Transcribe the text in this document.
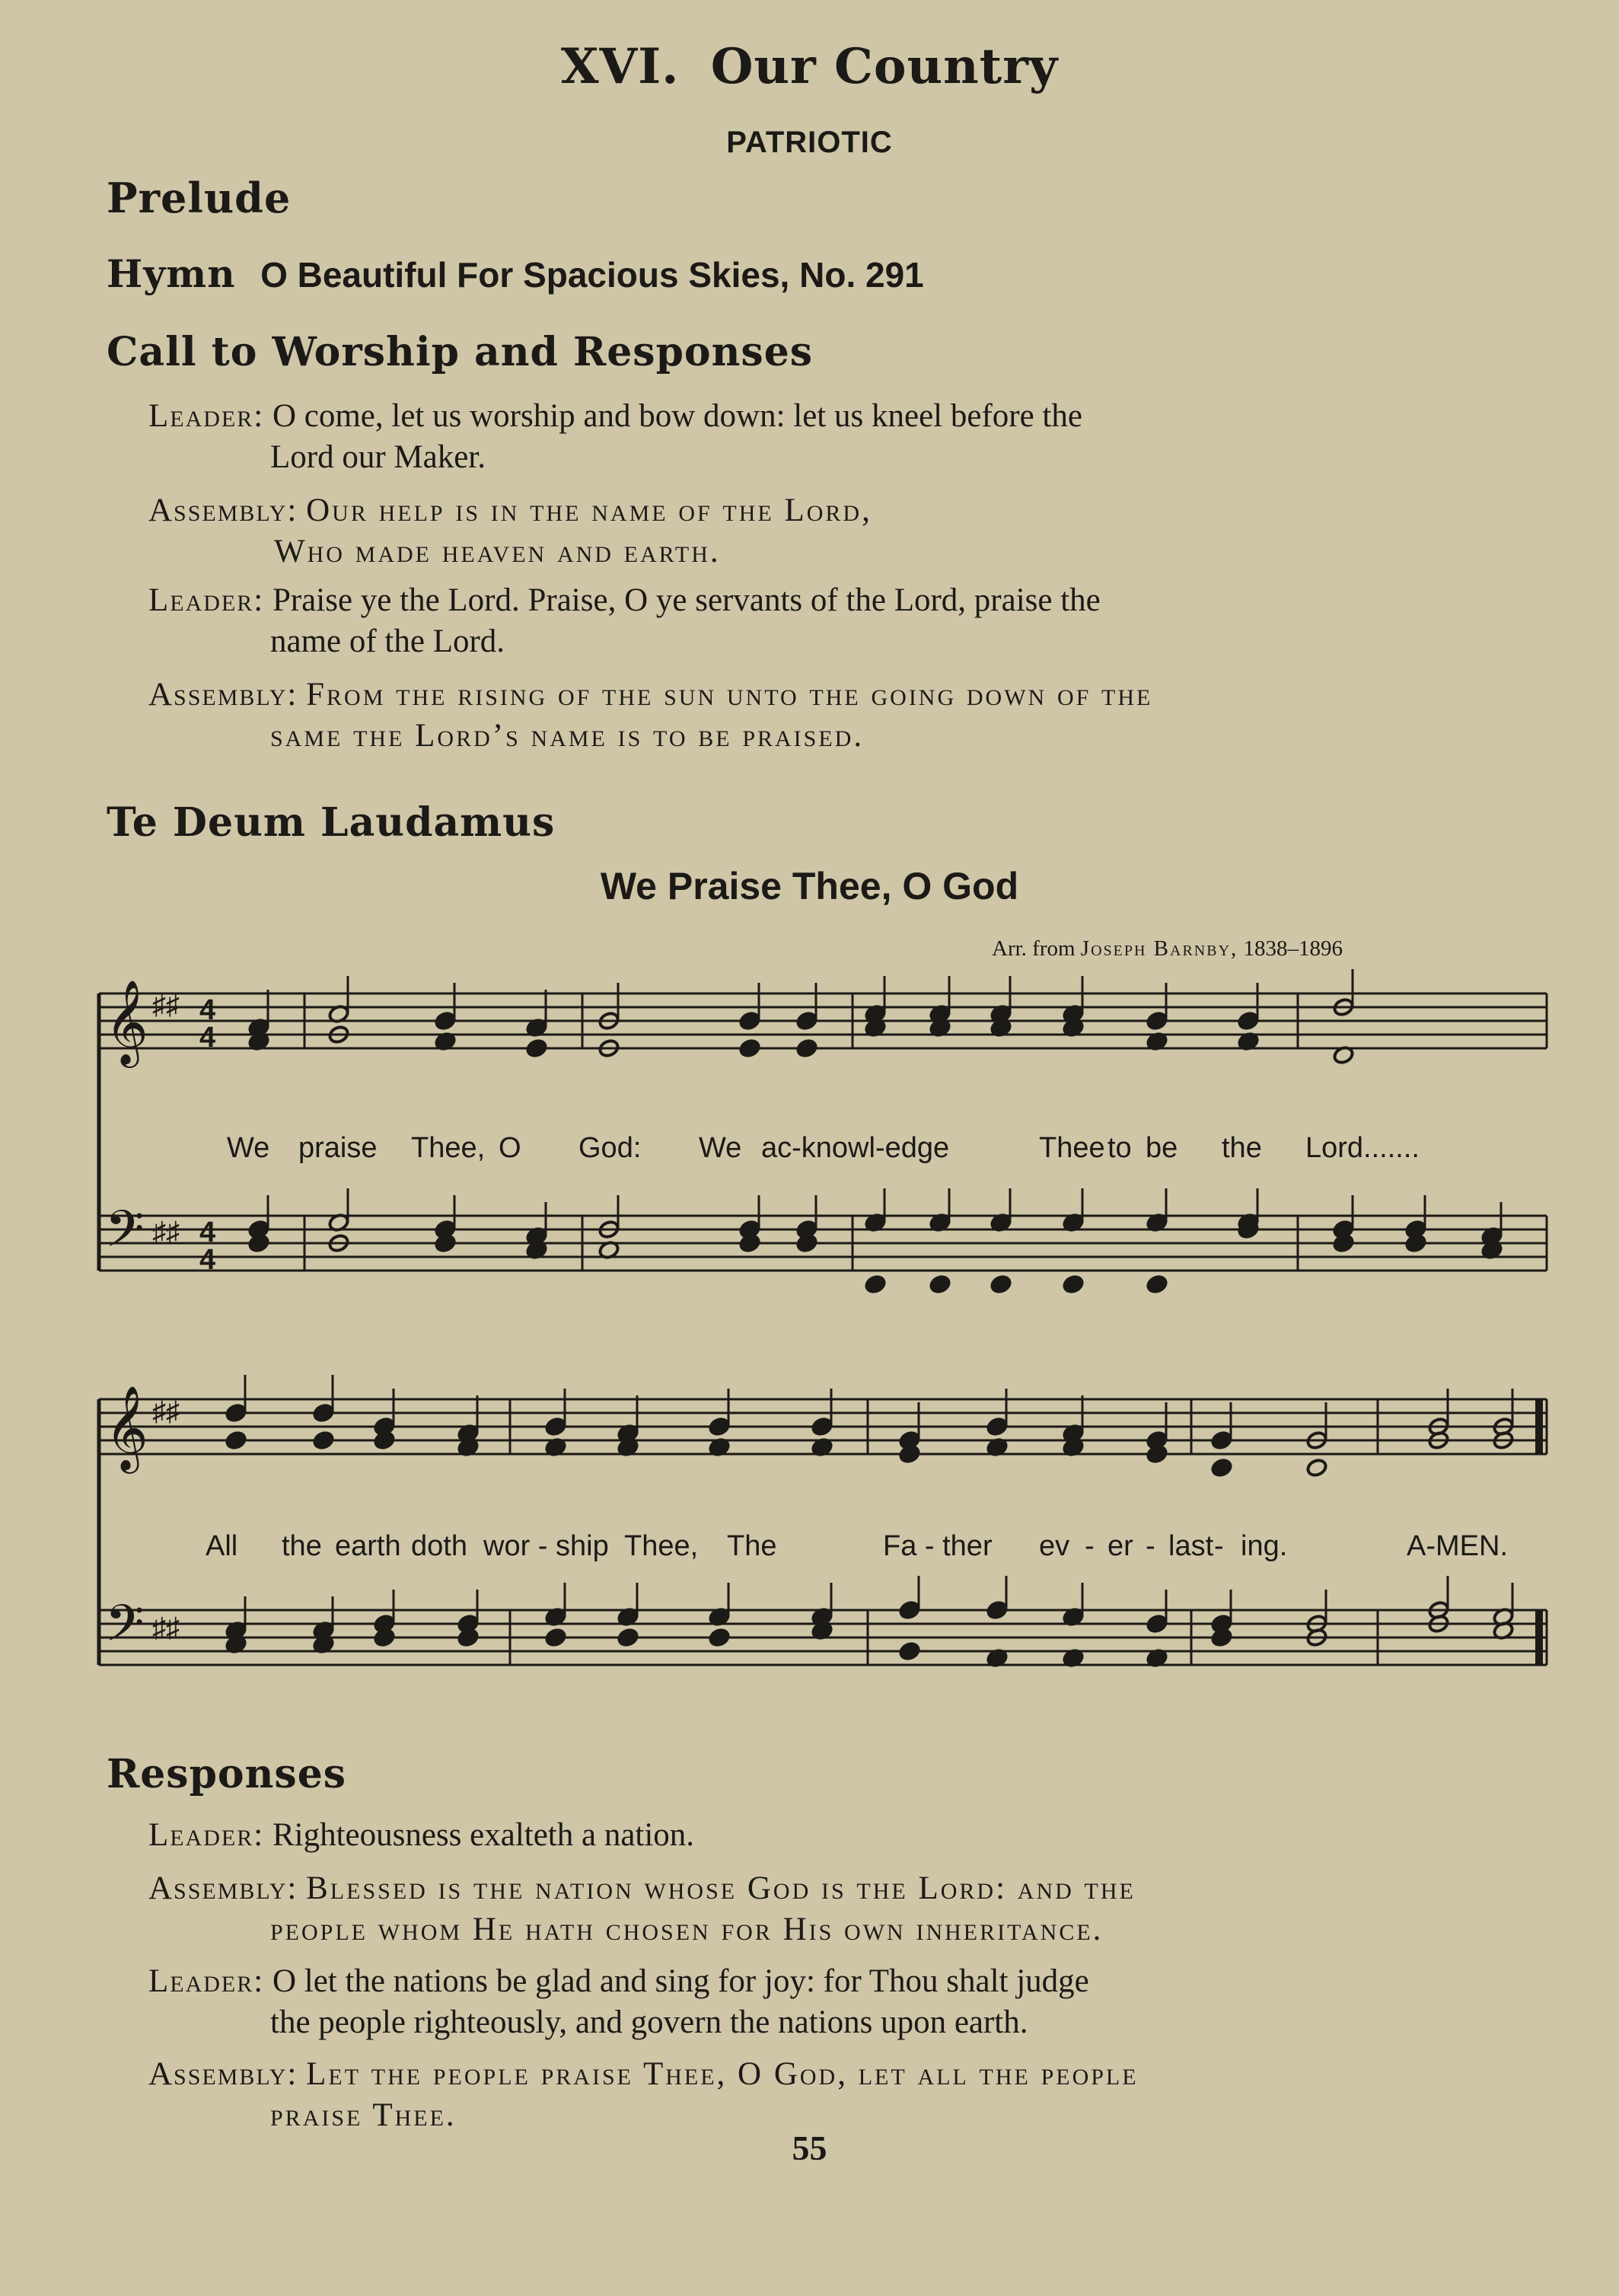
XVI. Our Country
PATRIOTIC
Prelude
Hymn O Beautiful For Spacious Skies, No. 291
Call to Worship and Responses
Leader: O come, let us worship and bow down: let us kneel before the
Lord our Maker.
Assembly: Our help is in the name of the Lord,
Who made heaven and earth.
Leader: Praise ye the Lord. Praise, O ye servants of the Lord, praise the
name of the Lord.
Assembly: From the rising of the sun unto the going down of the
same the Lord’s name is to be praised.
Te Deum Laudamus
We Praise Thee, O God
Arr. from Joseph Barnby, 1838–1896
𝄞
𝄢
𝄞
𝄢
♯♯
♯♯
♯♯
♯♯
4
4
4
4
We praise Thee, O God: We ac-knowl-edge	Thee to be the Lord.......
All the earth doth wor - ship Thee, The	Fa - ther ev - er - last - ing.	A-MEN.
Responses
Leader: Righteousness exalteth a nation.
Assembly: Blessed is the nation whose God is the Lord: and the
people whom He hath chosen for His own inheritance.
Leader: O let the nations be glad and sing for joy: for Thou shalt judge
the people righteously, and govern the nations upon earth.
Assembly: Let the people praise Thee, O God, let all the people
praise Thee.
55
